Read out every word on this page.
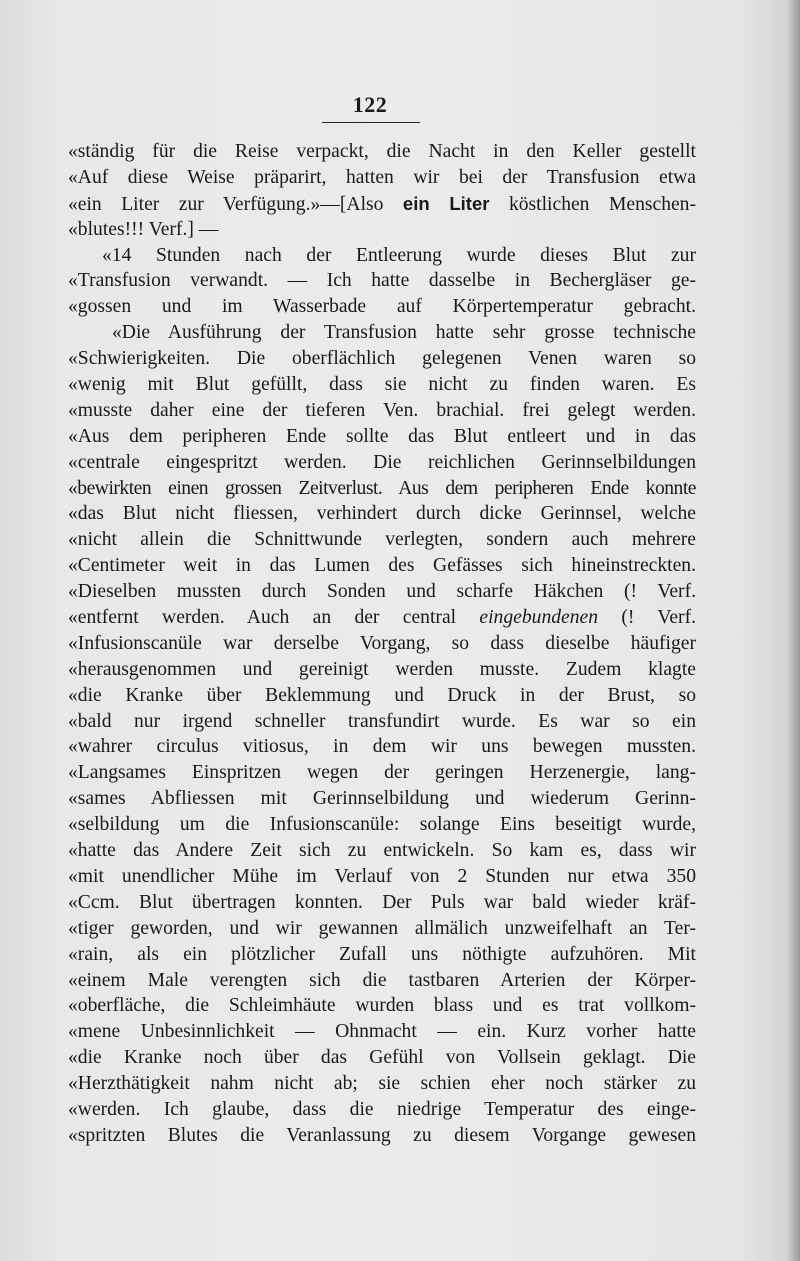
122
«ständig für die Reise verpackt, die Nacht in den Keller gestellt
«Auf diese Weise präparirt, hatten wir bei der Transfusion etwa
«ein Liter zur Verfügung.»—[Also ein Liter köstlichen Menschen-
«blutes!!! Verf.] —
«14 Stunden nach der Entleerung wurde dieses Blut zur
«Transfusion verwandt. — Ich hatte dasselbe in Bechergläser ge-
«gossen und im Wasserbade auf Körpertemperatur gebracht.
«Die Ausführung der Transfusion hatte sehr grosse technische
«Schwierigkeiten. Die oberflächlich gelegenen Venen waren so
«wenig mit Blut gefüllt, dass sie nicht zu finden waren. Es
«musste daher eine der tieferen Ven. brachial. frei gelegt werden.
«Aus dem peripheren Ende sollte das Blut entleert und in das
«centrale eingespritzt werden. Die reichlichen Gerinnselbildungen
«bewirkten einen grossen Zeitverlust. Aus dem peripheren Ende konnte
«das Blut nicht fliessen, verhindert durch dicke Gerinnsel, welche
«nicht allein die Schnittwunde verlegten, sondern auch mehrere
«Centimeter weit in das Lumen des Gefässes sich hineinstreckten.
«Dieselben mussten durch Sonden und scharfe Häkchen (! Verf.
«entfernt werden. Auch an der central eingebundenen (! Verf.
«Infusionscanüle war derselbe Vorgang, so dass dieselbe häufiger
«herausgenommen und gereinigt werden musste. Zudem klagte
«die Kranke über Beklemmung und Druck in der Brust, so
«bald nur irgend schneller transfundirt wurde. Es war so ein
«wahrer circulus vitiosus, in dem wir uns bewegen mussten.
«Langsames Einspritzen wegen der geringen Herzenergie, lang-
«sames Abfliessen mit Gerinnselbildung und wiederum Gerinn-
«selbildung um die Infusionscanüle: solange Eins beseitigt wurde,
«hatte das Andere Zeit sich zu entwickeln. So kam es, dass wir
«mit unendlicher Mühe im Verlauf von 2 Stunden nur etwa 350
«Ccm. Blut übertragen konnten. Der Puls war bald wieder kräf-
«tiger geworden, und wir gewannen allmälich unzweifelhaft an Ter-
«rain, als ein plötzlicher Zufall uns nöthigte aufzuhören. Mit
«einem Male verengten sich die tastbaren Arterien der Körper-
«oberfläche, die Schleimhäute wurden blass und es trat vollkom-
«mene Unbesinnlichkeit — Ohnmacht — ein. Kurz vorher hatte
«die Kranke noch über das Gefühl von Vollsein geklagt. Die
«Herzthätigkeit nahm nicht ab; sie schien eher noch stärker zu
«werden. Ich glaube, dass die niedrige Temperatur des einge-
«spritzten Blutes die Veranlassung zu diesem Vorgange gewesen
